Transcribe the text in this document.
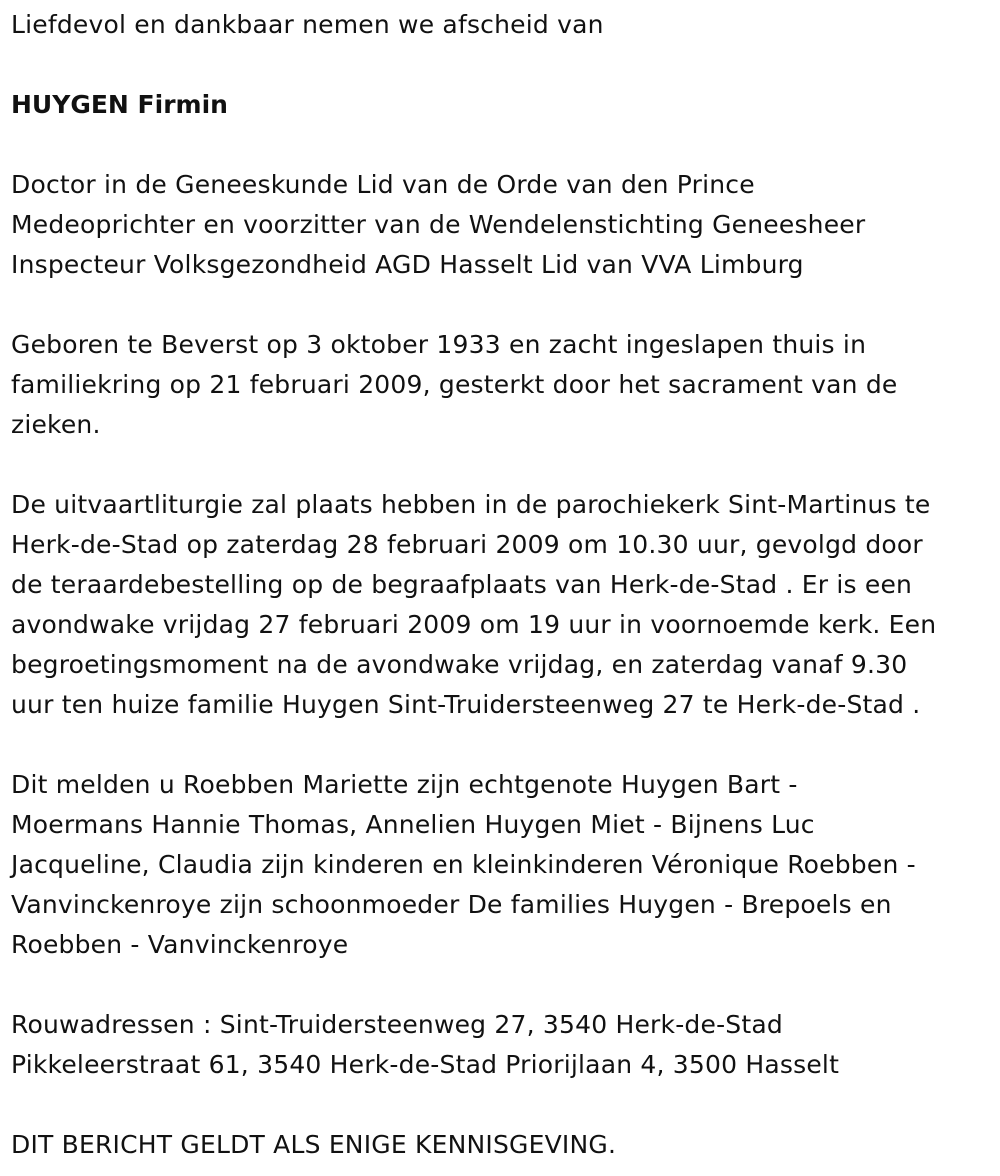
Liefdevol en dankbaar nemen we afscheid van

HUYGEN Firmin

Doctor in de Geneeskunde Lid van de Orde van den Prince
Medeoprichter en voorzitter van de Wendelenstichting Geneesheer
Inspecteur Volksgezondheid AGD Hasselt Lid van VVA Limburg

Geboren te Beverst op 3 oktober 1933 en zacht ingeslapen thuis in
familiekring op 21 februari 2009, gesterkt door het sacrament van de
zieken.

De uitvaartliturgie zal plaats hebben in de parochiekerk Sint-Martinus te
Herk-de-Stad op zaterdag 28 februari 2009 om 10.30 uur, gevolgd door
de teraardebestelling op de begraafplaats van Herk-de-Stad . Er is een
avondwake vrijdag 27 februari 2009 om 19 uur in voornoemde kerk. Een
begroetingsmoment na de avondwake vrijdag, en zaterdag vanaf 9.30
uur ten huize familie Huygen Sint-Truidersteenweg 27 te Herk-de-Stad .

Dit melden u Roebben Mariette zijn echtgenote Huygen Bart -
Moermans Hannie Thomas, Annelien Huygen Miet - Bijnens Luc
Jacqueline, Claudia zijn kinderen en kleinkinderen Véronique Roebben -
Vanvinckenroye zijn schoonmoeder De families Huygen - Brepoels en
Roebben - Vanvinckenroye

Rouwadressen : Sint-Truidersteenweg 27, 3540 Herk-de-Stad
Pikkeleerstraat 61, 3540 Herk-de-Stad Priorijlaan 4, 3500 Hasselt

DIT BERICHT GELDT ALS ENIGE KENNISGEVING.
